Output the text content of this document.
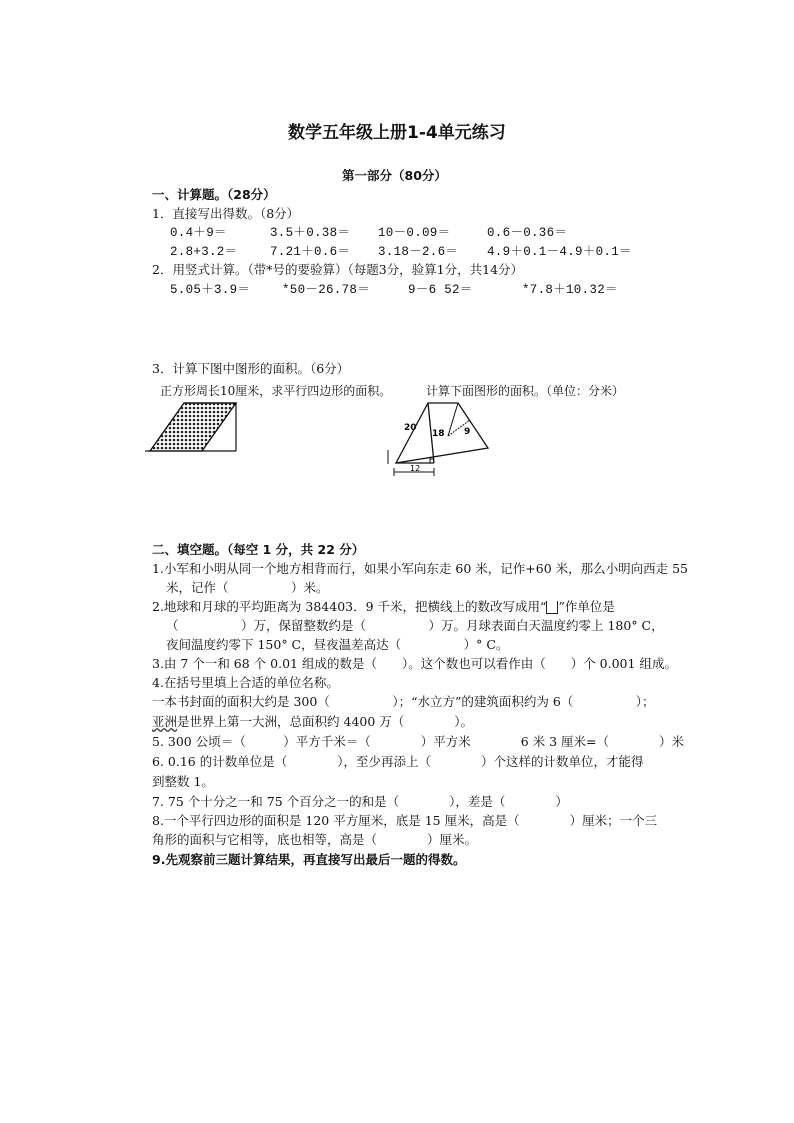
数学五年级上册1-4单元练习
第一部分（80分）
一、计算题。（28分）
1．直接写出得数。（8分）
0.4＋9＝	3.5＋0.38＝ 10－0.09＝	0.6－0.36＝
2.8+3.2＝	7.21＋0.6＝ 3.18－2.6＝ 4.9＋0.1－4.9＋0.1＝
2．用竖式计算。（带*号的要验算）（每题3分，验算1分，共14分）
5.05＋3.9＝	*50－26.78＝	9－6 52＝	*7.8＋10.32＝
3．计算下图中图形的面积。（6分）
正方形周长10厘米，求平行四边形的面积。	计算下面图形的面积。（单位：分米）
20
18 9
12
二、填空题。（每空 1 分，共 22 分）
1.小军和小明从同一个地方相背而行，如果小军向东走 60 米，记作+60 米，那么小明向西走 55
米，记作（　　　　　）米。
2.地球和月球的平均距离为 384403．9 千米，把横线上的数改写成用“ ”作单位是
（　　　　　）万，保留整数约是（　　　　　）万。月球表面白天温度约零上 180° C，
夜间温度约零下 150° C，昼夜温差高达（　　　　　）° C。
3.由 7 个一和 68 个 0.01 组成的数是（　　）。这个数也可以看作由（　　）个 0.001 组成。
4.在括号里填上合适的单位名称。
一本书封面的面积大约是 300（　　　　　）；“水立方”的建筑面积约为 6（　　　　　）；
亚洲是世界上第一大洲，总面积约 4400 万（　　　　）。
5. 300 公顷＝（　　　）平方千米＝（　　　　）平方米　　　　6 米 3 厘米=（　　　　）米
6. 0.16 的计数单位是（　　　　），至少再添上（　　　　）个这样的计数单位，才能得
到整数 1。
7. 75 个十分之一和 75 个百分之一的和是（　　　　），差是（　　　　）
8.一个平行四边形的面积是 120 平方厘米，底是 15 厘米，高是（　　　　）厘米；一个三
角形的面积与它相等，底也相等，高是（　　　　）厘米。
9.先观察前三题计算结果，再直接写出最后一题的得数。
